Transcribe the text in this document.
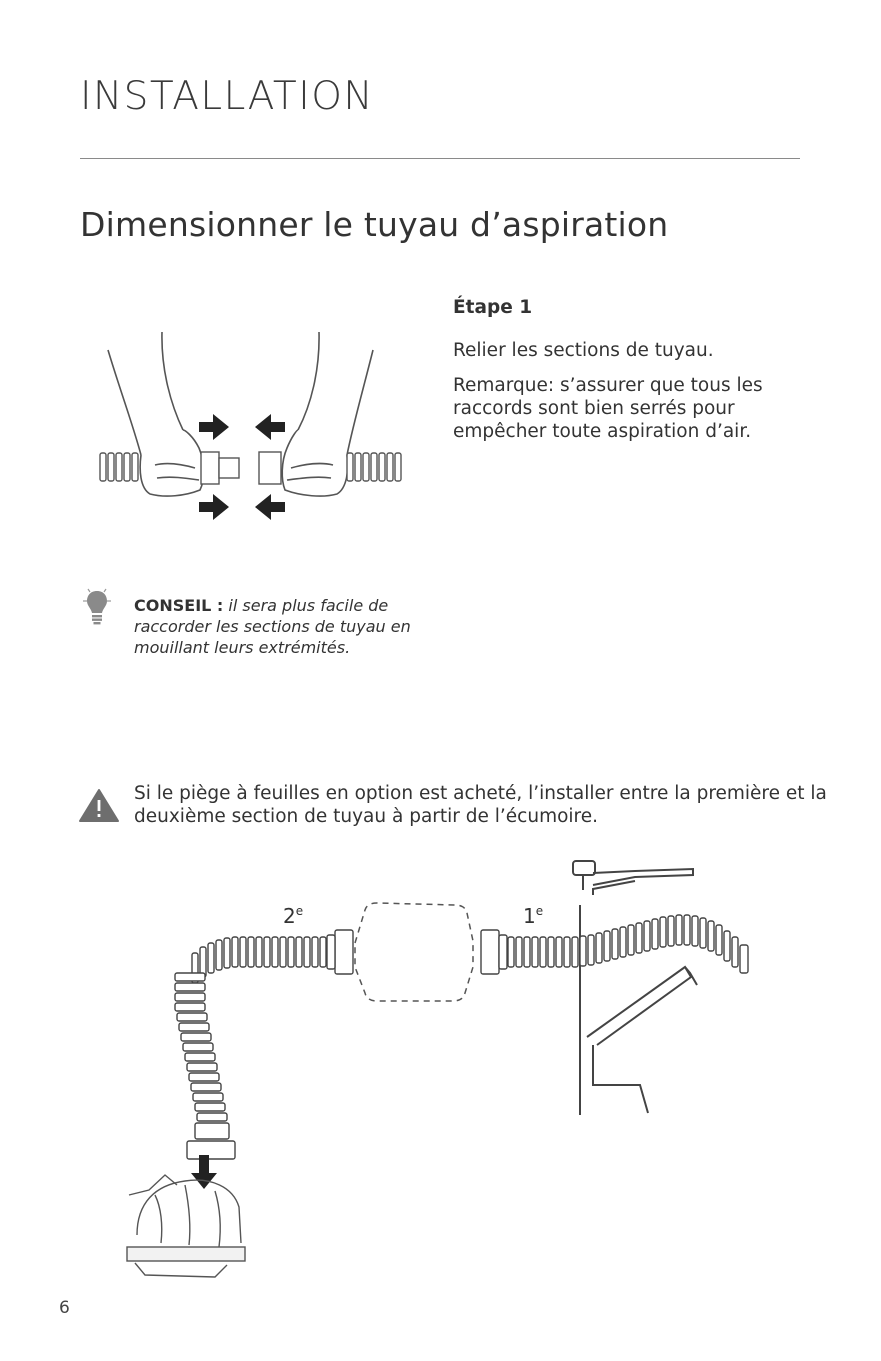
INSTALLATION
Dimensionner le tuyau d’aspiration

Étape 1

Relier les sections de tuyau.

Remarque: s’assurer que tous les raccords sont bien serrés pour empêcher toute aspiration d’air.

CONSEIL : il sera plus facile de raccorder les sections de tuyau en mouillant leurs extrémités.
Si le piège à feuilles en option est acheté, l’installer entre la première et la deuxième section de tuyau à partir de l’écumoire.
2e	1e
6
